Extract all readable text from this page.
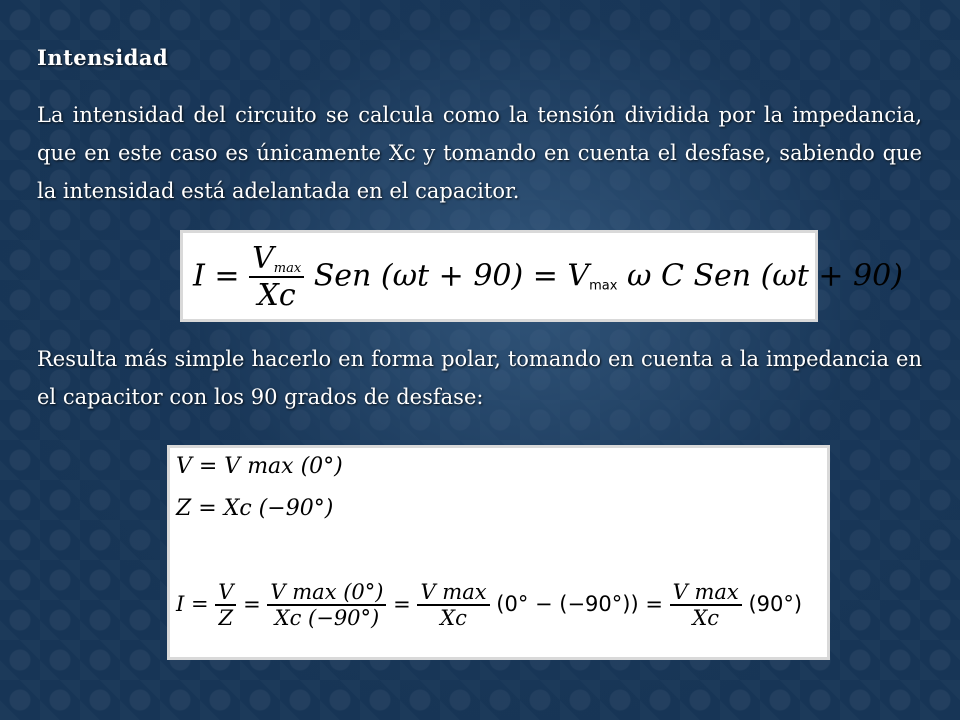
Intensidad
La intensidad del circuito se calcula como la tensión dividida por la impedancia, que en este caso es únicamente Xc y tomando en cuenta el desfase, sabiendo que la intensidad está adelantada en el capacitor.
$I = \frac{V_{max}}{Xc}$ Sen $(\omega t + 90) = V_{max}$ ω C Sen (ωt + 90)
Resulta más simple hacerlo en forma polar, tomando en cuenta a la impedancia en el capacitor con los 90 grados de desfase:
V = V max (0°)
Z = Xc (−90°)
$I = \frac{V}{Z} = \frac{\text{V max (0°)}}{Xc (-90^\circ)} = \frac{\text{V max}}{Xc} (0^\circ - (-90^\circ)) = \frac{\text{V max}}{Xc} (90^\circ)$
